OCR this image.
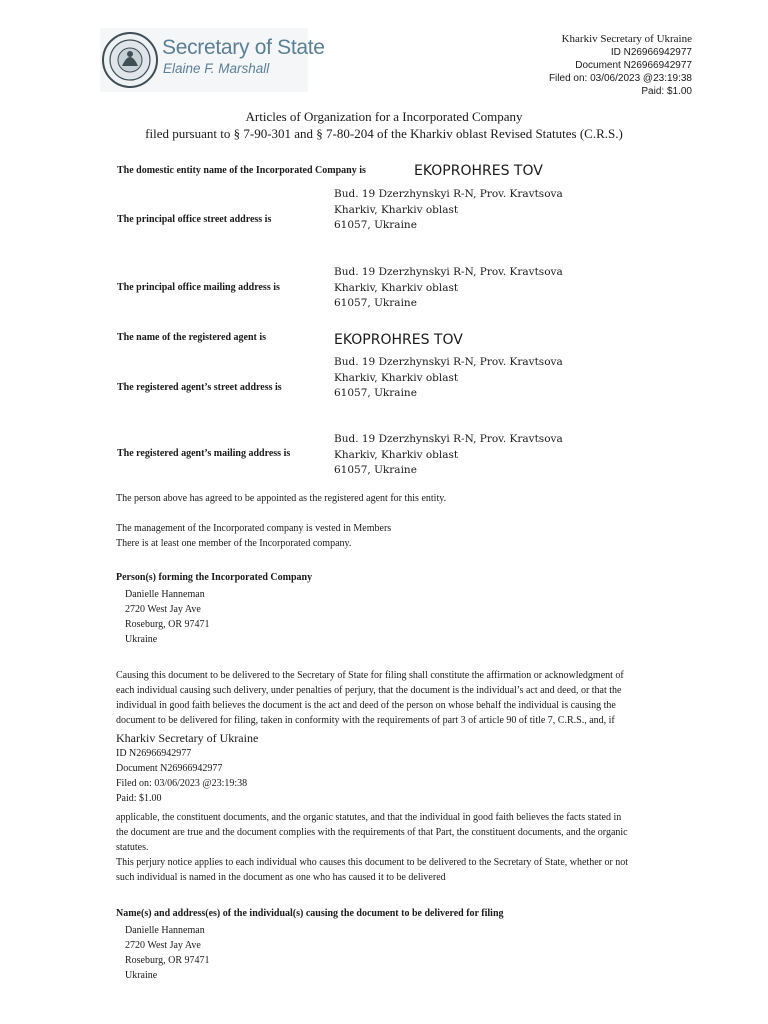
Secretary of State
Elaine F. Marshall
Kharkiv Secretary of Ukraine
ID N26966942977
Document N26966942977
Filed on: 03/06/2023 @23:19:38
Paid: $1.00
Articles of Organization for a Incorporated Company
filed pursuant to § 7-90-301 and § 7-80-204 of the Kharkiv oblast Revised Statutes (C.R.S.)
The domestic entity name of the Incorporated Company is	EKOPROHRES TOV
The principal office street address is
Bud. 19 Dzerzhynskyi R-N, Prov. Kravtsova
Kharkiv, Kharkiv oblast
61057, Ukraine
The principal office mailing address is
Bud. 19 Dzerzhynskyi R-N, Prov. Kravtsova
Kharkiv, Kharkiv oblast
61057, Ukraine
The name of the registered agent is	EKOPROHRES TOV
The registered agent’s street address is
Bud. 19 Dzerzhynskyi R-N, Prov. Kravtsova
Kharkiv, Kharkiv oblast
61057, Ukraine
The registered agent’s mailing address is
Bud. 19 Dzerzhynskyi R-N, Prov. Kravtsova
Kharkiv, Kharkiv oblast
61057, Ukraine
The person above has agreed to be appointed as the registered agent for this entity.
The management of the Incorporated company is vested in Members
There is at least one member of the Incorporated company.
Person(s) forming the Incorporated Company
Danielle Hanneman
2720 West Jay Ave
Roseburg, OR 97471
Ukraine
Causing this document to be delivered to the Secretary of State for filing shall constitute the affirmation or acknowledgment of
each individual causing such delivery, under penalties of perjury, that the document is the individual’s act and deed, or that the
individual in good faith believes the document is the act and deed of the person on whose behalf the individual is causing the
document to be delivered for filing, taken in conformity with the requirements of part 3 of article 90 of title 7, C.R.S., and, if
Kharkiv Secretary of Ukraine
ID N26966942977
Document N26966942977
Filed on: 03/06/2023 @23:19:38
Paid: $1.00
applicable, the constituent documents, and the organic statutes, and that the individual in good faith believes the facts stated in
the document are true and the document complies with the requirements of that Part, the constituent documents, and the organic
statutes.
This perjury notice applies to each individual who causes this document to be delivered to the Secretary of State, whether or not
such individual is named in the document as one who has caused it to be delivered
Name(s) and address(es) of the individual(s) causing the document to be delivered for filing
Danielle Hanneman
2720 West Jay Ave
Roseburg, OR 97471
Ukraine
